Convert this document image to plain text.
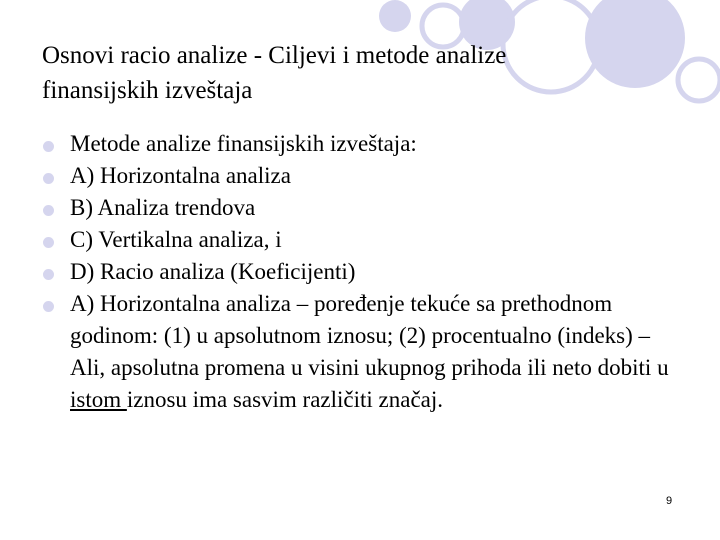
Osnovi racio analize - Ciljevi i metode analize
finansijskih izveštaja
Metode analize finansijskih izveštaja:
A) Horizontalna analiza
B) Analiza trendova
C) Vertikalna analiza, i
D) Racio analiza (Koeficijenti)
A) Horizontalna analiza – poređenje tekuće sa prethodnom godinom: (1) u apsolutnom iznosu; (2) procentualno (indeks) – Ali, apsolutna promena u visini ukupnog prihoda ili neto dobiti u istom iznosu ima sasvim različiti značaj.
9
